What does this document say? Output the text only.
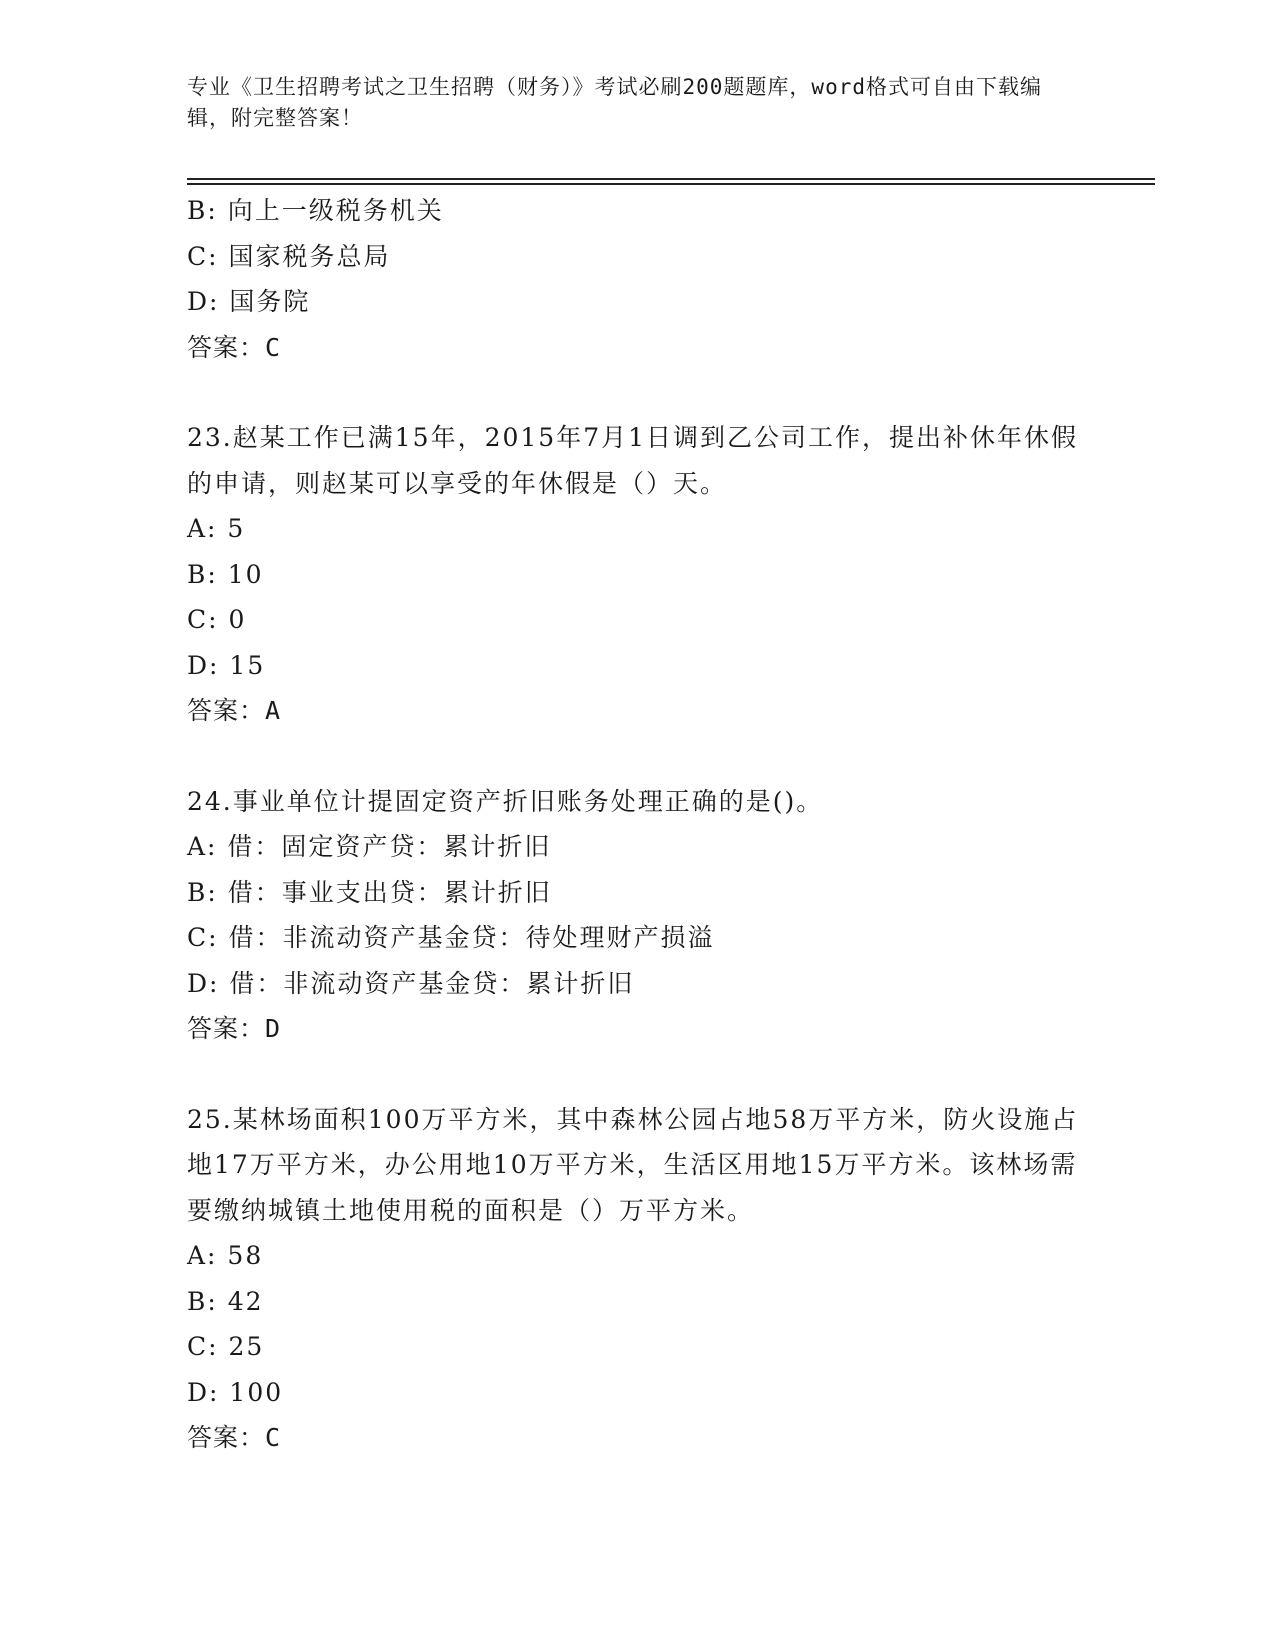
专业《卫生招聘考试之卫生招聘（财务）》考试必刷200题题库，word格式可自由下载编辑，附完整答案！
B: 向上一级税务机关
C: 国家税务总局
D: 国务院
答案：C
23.赵某工作已满15年，2015年7月1日调到乙公司工作，提出补休年休假的申请，则赵某可以享受的年休假是（）天。
A: 5
B: 10
C: 0
D: 15
答案：A
24.事业单位计提固定资产折旧账务处理正确的是()。
A: 借：固定资产贷：累计折旧
B: 借：事业支出贷：累计折旧
C: 借：非流动资产基金贷：待处理财产损溢
D: 借：非流动资产基金贷：累计折旧
答案：D
25.某林场面积100万平方米，其中森林公园占地58万平方米，防火设施占地17万平方米，办公用地10万平方米，生活区用地15万平方米。该林场需要缴纳城镇土地使用税的面积是（）万平方米。
A: 58
B: 42
C: 25
D: 100
答案：C
